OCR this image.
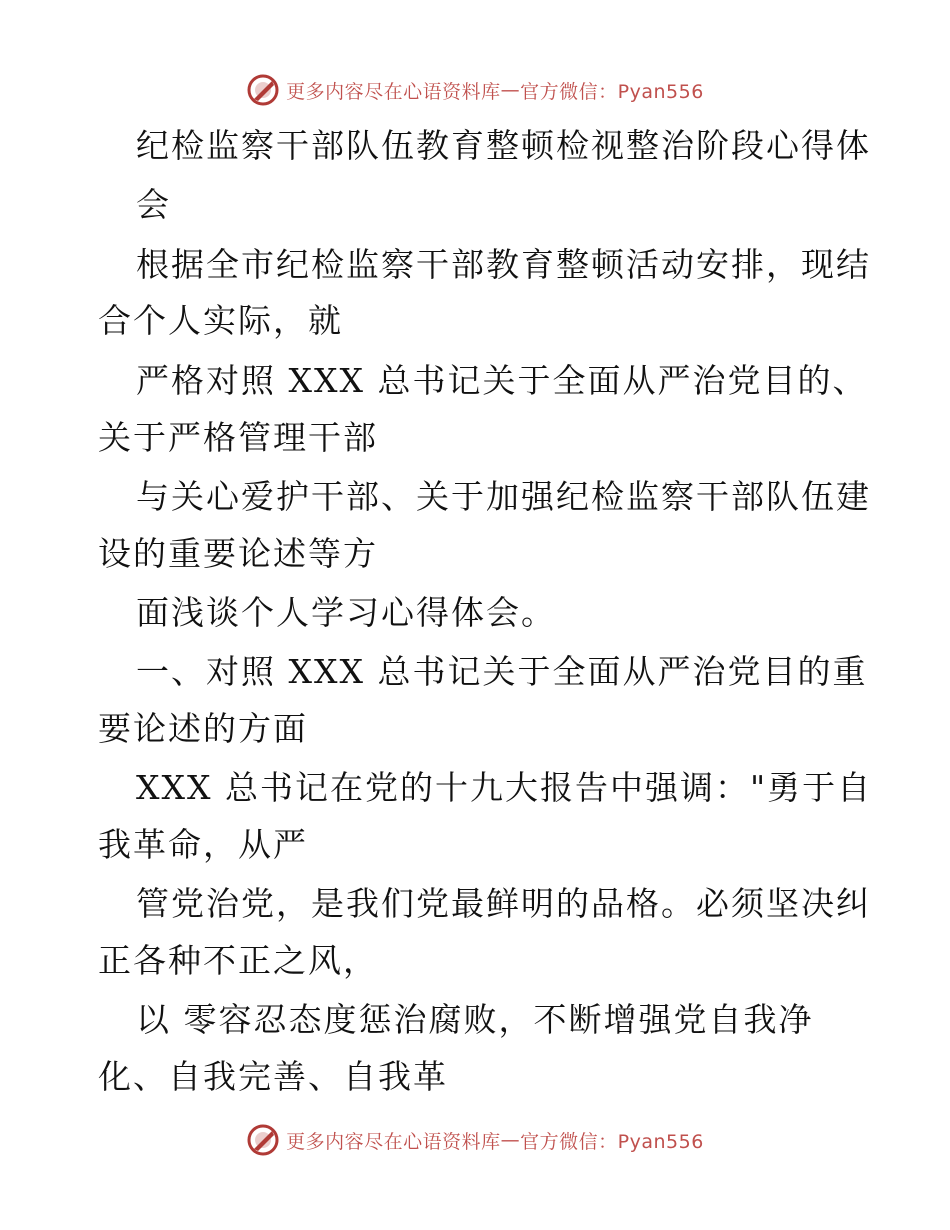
更多内容尽在心语资料库 — 官方微信：Pyan556
纪检监察干部队伍教育整顿检视整治阶段心得体
会
根据全市纪检监察干部教育整顿活动安排，现结
合个人实际，就
严格对照 XXX 总书记关于全面从严治党目的、
关于严格管理干部
与关心爱护干部、关于加强纪检监察干部队伍建
设的重要论述等方
面浅谈个人学习心得体会。
一、对照 XXX 总书记关于全面从严治党目的重
要论述的方面
XXX 总书记在党的十九大报告中强调："勇于自
我革命，从严
管党治党，是我们党最鲜明的品格。必须坚决纠
正各种不正之风，
以 零容忍态度惩治腐败，不断增强党自我净
化、自我完善、自我革
更多内容尽在心语资料库 — 官方微信：Pyan556
